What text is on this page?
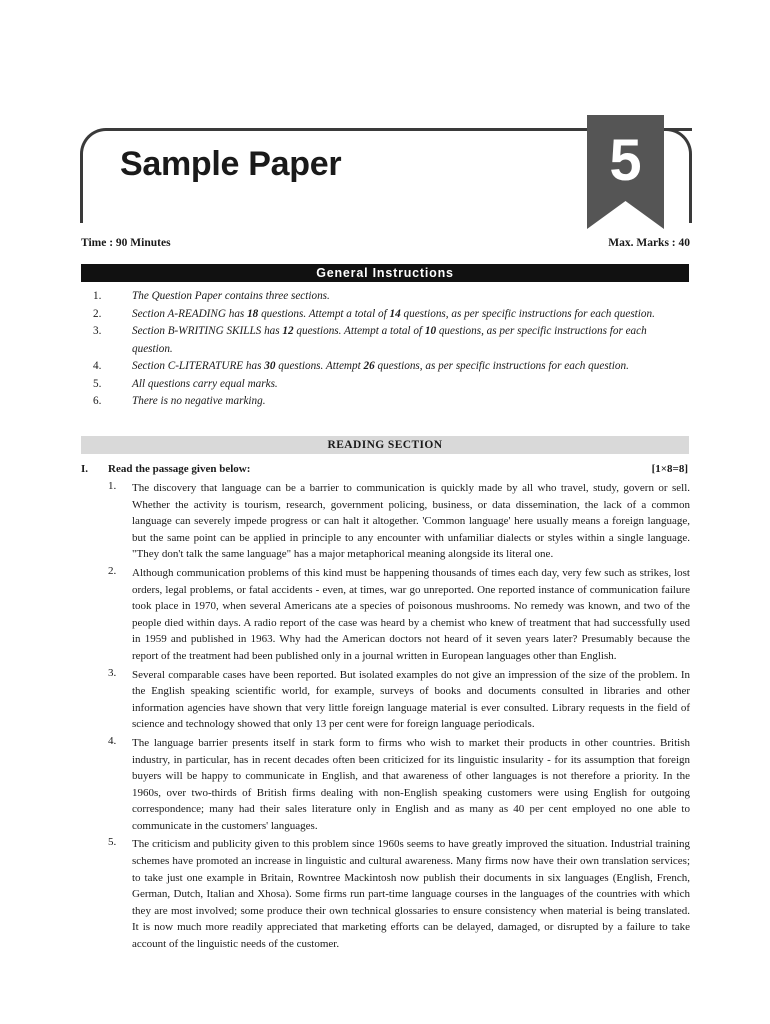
Sample Paper	5
Time : 90 Minutes	Max. Marks : 40
General Instructions
1.	The Question Paper contains three sections.
2.	Section A-READING has 18 questions. Attempt a total of 14 questions, as per specific instructions for each question.
3.	Section B-WRITING SKILLS has 12 questions. Attempt a total of 10 questions, as per specific instructions for each question.
4.	Section C-LITERATURE has 30 questions. Attempt 26 questions, as per specific instructions for each question.
5.	All questions carry equal marks.
6.	There is no negative marking.
READING SECTION
I. Read the passage given below:	[1×8=8]
1.	The discovery that language can be a barrier to communication is quickly made by all who travel, study, govern or sell. Whether the activity is tourism, research, government policing, business, or data dissemination, the lack of a common language can severely impede progress or can halt it altogether. 'Common language' here usually means a foreign language, but the same point can be applied in principle to any encounter with unfamiliar dialects or styles within a single language. "They don't talk the same language" has a major metaphorical meaning alongside its literal one.
2.	Although communication problems of this kind must be happening thousands of times each day, very few such as strikes, lost orders, legal problems, or fatal accidents - even, at times, war go unreported. One reported instance of communication failure took place in 1970, when several Americans ate a species of poisonous mushrooms. No remedy was known, and two of the people died within days. A radio report of the case was heard by a chemist who knew of treatment that had successfully used in 1959 and published in 1963. Why had the American doctors not heard of it seven years later? Presumably because the report of the treatment had been published only in a journal written in European languages other than English.
3.	Several comparable cases have been reported. But isolated examples do not give an impression of the size of the problem. In the English speaking scientific world, for example, surveys of books and documents consulted in libraries and other information agencies have shown that very little foreign language material is ever consulted. Library requests in the field of science and technology showed that only 13 per cent were for foreign language periodicals.
4.	The language barrier presents itself in stark form to firms who wish to market their products in other countries. British industry, in particular, has in recent decades often been criticized for its linguistic insularity - for its assumption that foreign buyers will be happy to communicate in English, and that awareness of other languages is not therefore a priority. In the 1960s, over two-thirds of British firms dealing with non-English speaking customers were using English for outgoing correspondence; many had their sales literature only in English and as many as 40 per cent employed no one able to communicate in the customers' languages.
5.	The criticism and publicity given to this problem since 1960s seems to have greatly improved the situation. Industrial training schemes have promoted an increase in linguistic and cultural awareness. Many firms now have their own translation services; to take just one example in Britain, Rowntree Mackintosh now publish their documents in six languages (English, French, German, Dutch, Italian and Xhosa). Some firms run part-time language courses in the languages of the countries with which they are most involved; some produce their own technical glossaries to ensure consistency when material is being translated. It is now much more readily appreciated that marketing efforts can be delayed, damaged, or disrupted by a failure to take account of the linguistic needs of the customer.
